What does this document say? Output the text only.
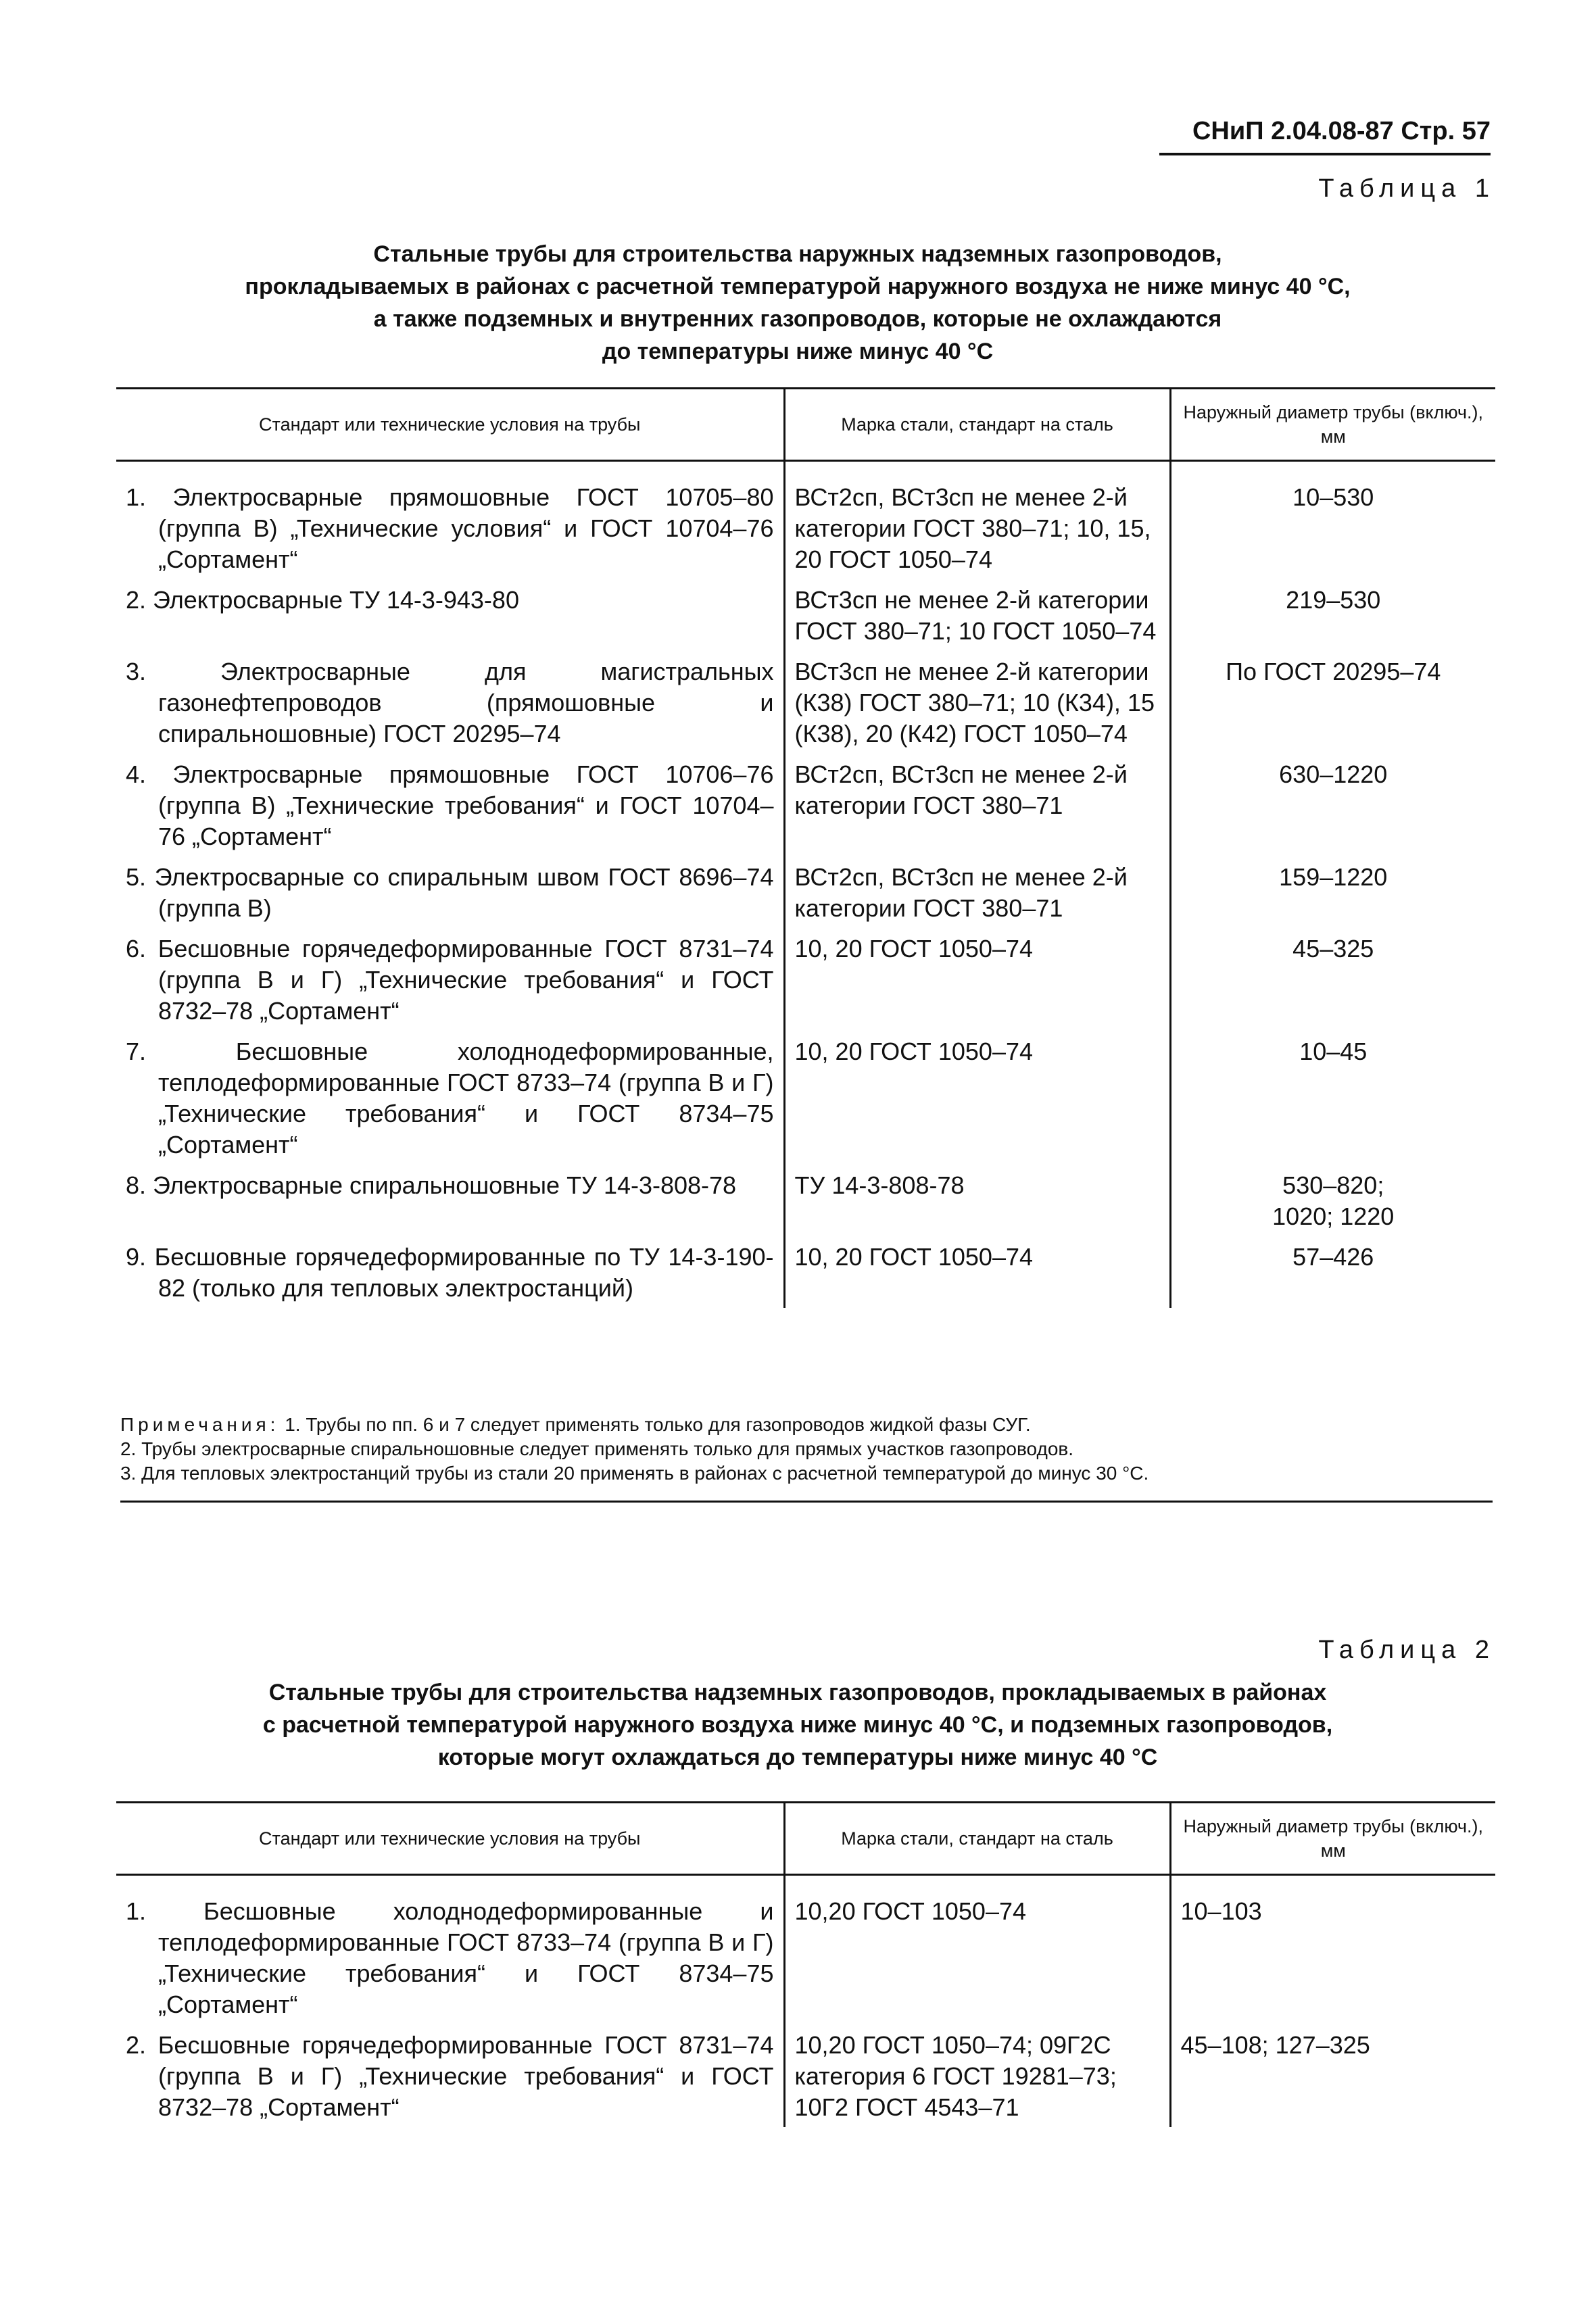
СНиП 2.04.08-87 Стр. 57
Таблица 1
Стальные трубы для строительства наружных надземных газопроводов,
прокладываемых в районах с расчетной температурой наружного воздуха не ниже минус 40 °С,
а также подземных и внутренних газопроводов, которые не охлаждаются
до температуры ниже минус 40 °С
Стандарт или технические условия на трубы	Марка стали, стандарт на сталь	Наружный диаметр трубы (включ.), мм

1. Электросварные прямошовные ГОСТ 10705–80 (группа В) „Технические условия“ и ГОСТ 10704–76 „Сортамент“	ВСт2сп, ВСт3сп не менее 2-й категории ГОСТ 380–71; 10, 15, 20 ГОСТ 1050–74	10–530

2. Электросварные ТУ 14-3-943-80	ВСт3сп не менее 2-й категории ГОСТ 380–71; 10 ГОСТ 1050–74	219–530

3. Электросварные для магистральных газонефтепроводов (прямошовные и спиральношовные) ГОСТ 20295–74	ВСт3сп не менее 2-й категории (К38) ГОСТ 380–71; 10 (К34), 15 (К38), 20 (К42) ГОСТ 1050–74	По ГОСТ 20295–74

4. Электросварные прямошовные ГОСТ 10706–76 (группа В) „Технические требования“ и ГОСТ 10704–76 „Сортамент“	ВСт2сп, ВСт3сп не менее 2-й категории ГОСТ 380–71	630–1220

5. Электросварные со спиральным швом ГОСТ 8696–74 (группа В)	ВСт2сп, ВСт3сп не менее 2-й категории ГОСТ 380–71	159–1220

6. Бесшовные горячедеформированные ГОСТ 8731–74 (группа В и Г) „Технические требования“ и ГОСТ 8732–78 „Сортамент“	10, 20 ГОСТ 1050–74	45–325

7. Бесшовные холоднодеформированные, теплодеформированные ГОСТ 8733–74 (группа В и Г) „Технические требования“ и ГОСТ 8734–75 „Сортамент“	10, 20 ГОСТ 1050–74	10–45

8. Электросварные спиральношовные ТУ 14-3-808-78	ТУ 14-3-808-78	530–820; 1020; 1220

9. Бесшовные горячедеформированные по ТУ 14-3-190-82 (только для тепловых электростанций)	10, 20 ГОСТ 1050–74	57–426
Примечания: 1. Трубы по пп. 6 и 7 следует применять только для газопроводов жидкой фазы СУГ.
2. Трубы электросварные спиральношовные следует применять только для прямых участков газопроводов.
3. Для тепловых электростанций трубы из стали 20 применять в районах с расчетной температурой до минус 30 °С.
Таблица 2
Стальные трубы для строительства надземных газопроводов, прокладываемых в районах
с расчетной температурой наружного воздуха ниже минус 40 °С, и подземных газопроводов,
которые могут охлаждаться до температуры ниже минус 40 °С
Стандарт или технические условия на трубы	Марка стали, стандарт на сталь	Наружный диаметр трубы (включ.), мм

1. Бесшовные холоднодеформированные и теплодеформированные ГОСТ 8733–74 (группа В и Г) „Технические требования“ и ГОСТ 8734–75 „Сортамент“	10,20 ГОСТ 1050–74	10–103

2. Бесшовные горячедеформированные ГОСТ 8731–74 (группа В и Г) „Технические требования“ и ГОСТ 8732–78 „Сортамент“	10,20 ГОСТ 1050–74; 09Г2С категория 6 ГОСТ 19281–73; 10Г2 ГОСТ 4543–71	45–108; 127–325
